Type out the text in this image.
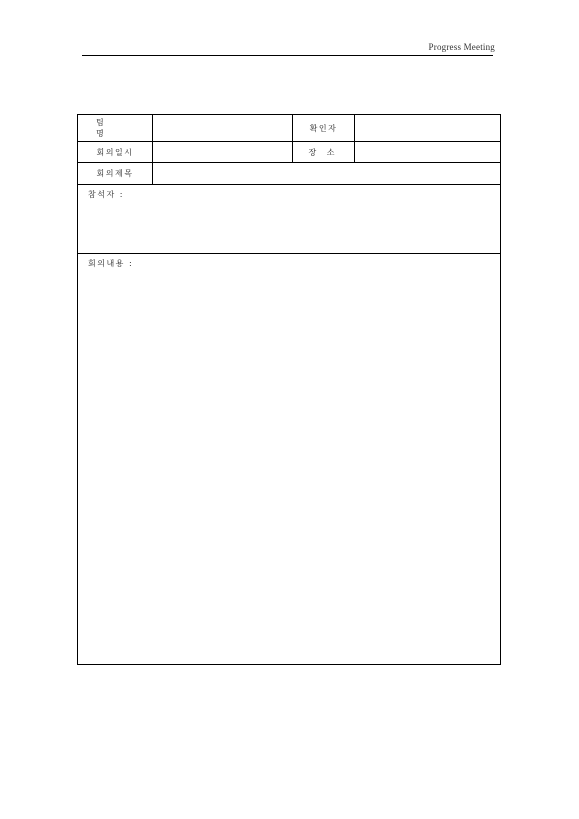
Progress Meeting
팀 명
확인자
회의일시	장 소
회의제목
참석자 :
회의내용 :
